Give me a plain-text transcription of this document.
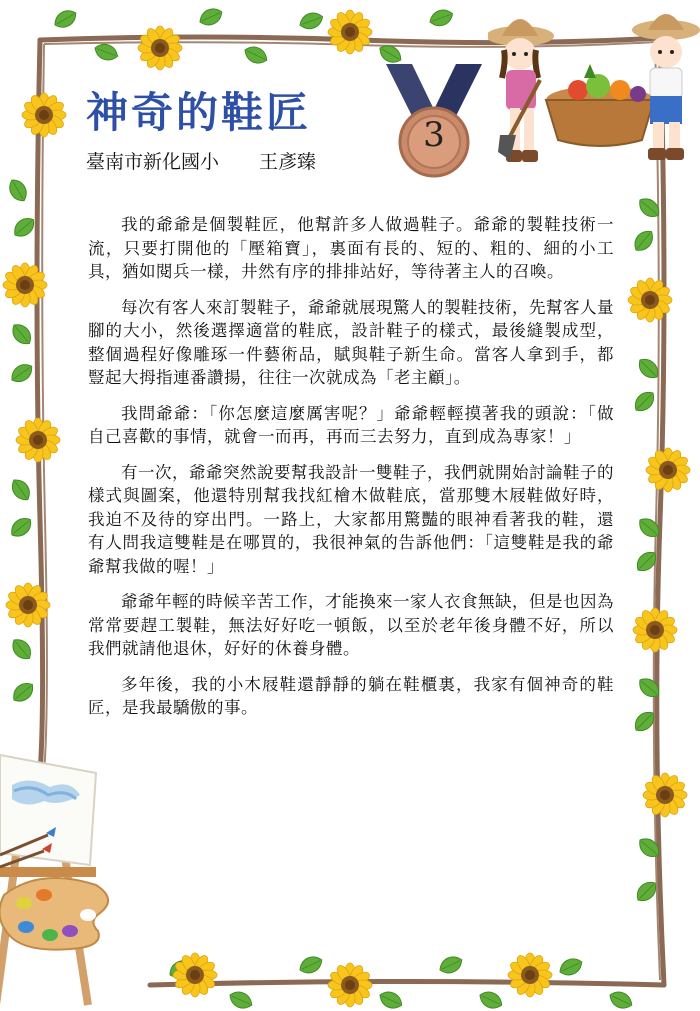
3
神奇的鞋匠
臺南市新化國小 王彥臻

我的爺爺是個製鞋匠，他幫許多人做過鞋子。爺爺的製鞋技術一流，只要打開他的「壓箱寶」，裏面有長的、短的、粗的、細的小工具，猶如閱兵一樣，井然有序的排排站好，等待著主人的召喚。

每次有客人來訂製鞋子，爺爺就展現驚人的製鞋技術，先幫客人量腳的大小，然後選擇適當的鞋底，設計鞋子的樣式，最後縫製成型，整個過程好像雕琢一件藝術品，賦與鞋子新生命。當客人拿到手，都豎起大拇指連番讚揚，往往一次就成為「老主顧」。

我問爺爺：「你怎麼這麼厲害呢？」爺爺輕輕摸著我的頭說：「做自己喜歡的事情，就會一而再，再而三去努力，直到成為專家！」

有一次，爺爺突然說要幫我設計一雙鞋子，我們就開始討論鞋子的樣式與圖案，他還特別幫我找紅檜木做鞋底，當那雙木屐鞋做好時，我迫不及待的穿出門。一路上，大家都用驚豔的眼神看著我的鞋，還有人問我這雙鞋是在哪買的，我很神氣的告訴他們：「這雙鞋是我的爺爺幫我做的喔！」

爺爺年輕的時候辛苦工作，才能換來一家人衣食無缺，但是也因為常常要趕工製鞋，無法好好吃一頓飯，以至於老年後身體不好，所以我們就請他退休，好好的休養身體。

多年後，我的小木屐鞋還靜靜的躺在鞋櫃裏，我家有個神奇的鞋匠，是我最驕傲的事。
